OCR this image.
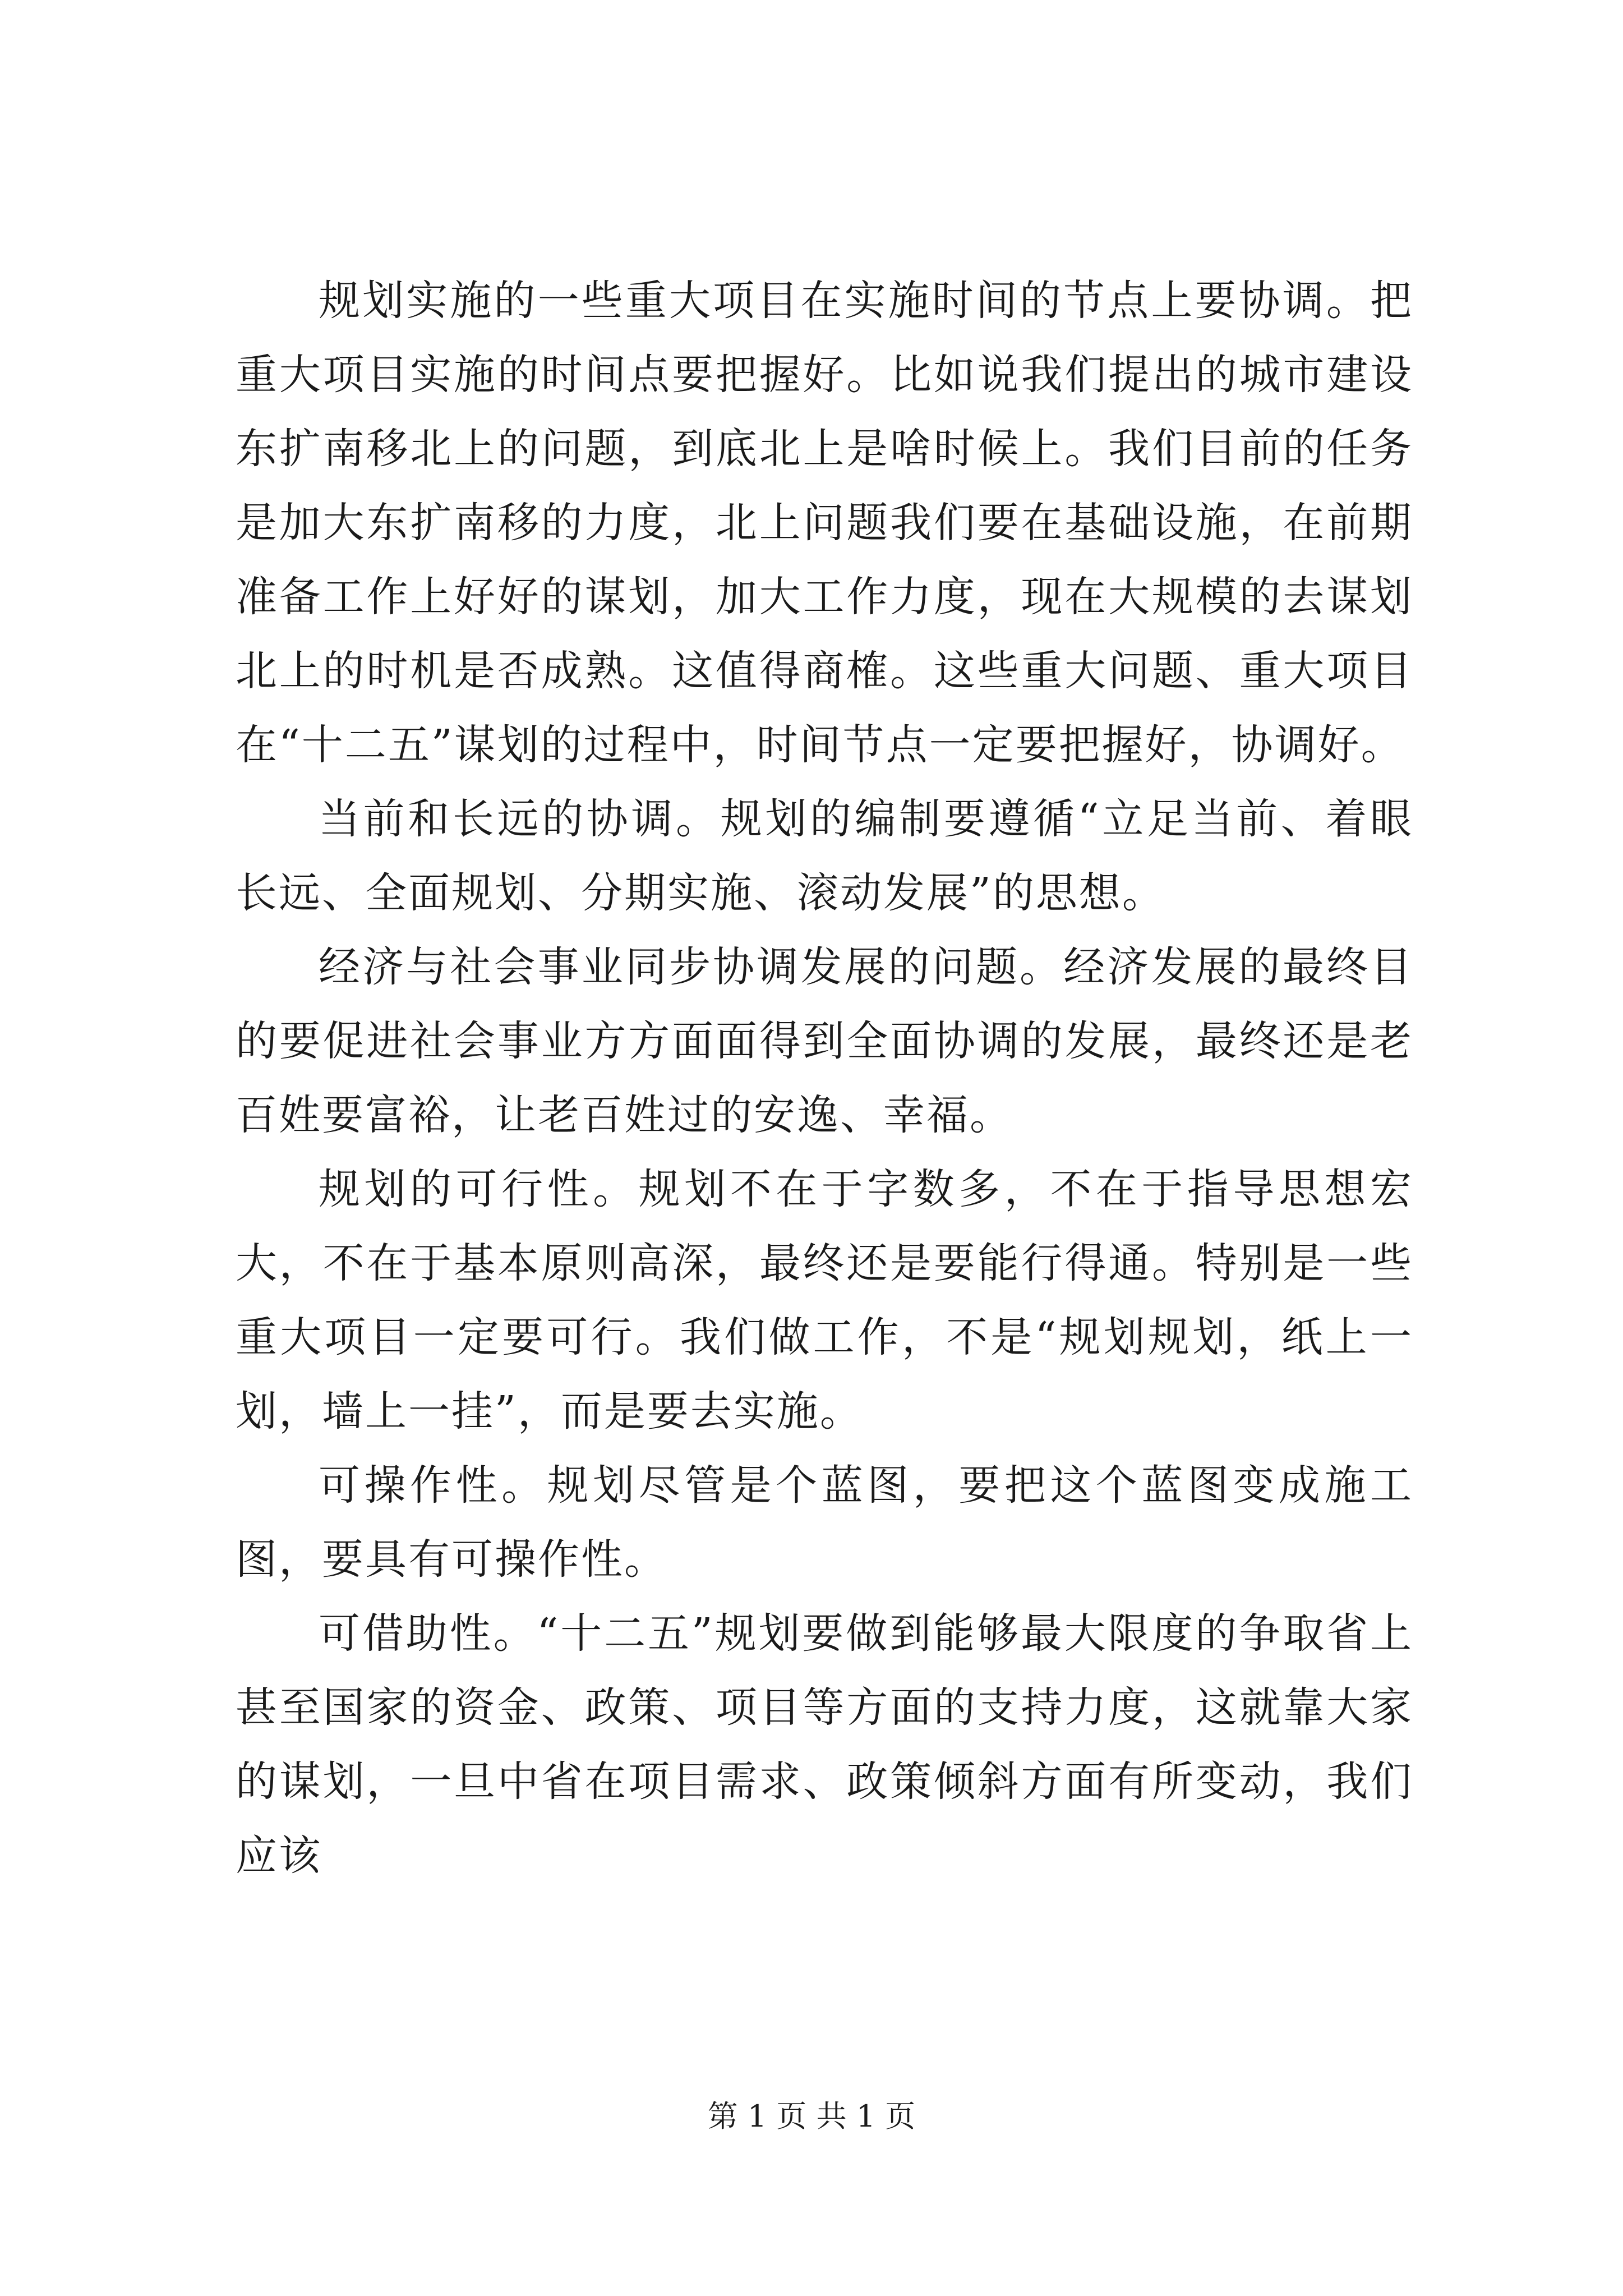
规划实施的一些重大项目在实施时间的节点上要协调。把重大项目实施的时间点要把握好。比如说我们提出的城市建设东扩南移北上的问题，到底北上是啥时候上。我们目前的任务是加大东扩南移的力度，北上问题我们要在基础设施，在前期准备工作上好好的谋划，加大工作力度，现在大规模的去谋划北上的时机是否成熟。这值得商榷。这些重大问题、重大项目在“十二五”谋划的过程中，时间节点一定要把握好，协调好。

当前和长远的协调。规划的编制要遵循“立足当前、着眼长远、全面规划、分期实施、滚动发展”的思想。

经济与社会事业同步协调发展的问题。经济发展的最终目的要促进社会事业方方面面得到全面协调的发展，最终还是老百姓要富裕，让老百姓过的安逸、幸福。

规划的可行性。规划不在于字数多，不在于指导思想宏大，不在于基本原则高深，最终还是要能行得通。特别是一些重大项目一定要可行。我们做工作，不是“规划规划，纸上一划，墙上一挂”，而是要去实施。

可操作性。规划尽管是个蓝图，要把这个蓝图变成施工图，要具有可操作性。

可借助性。“十二五”规划要做到能够最大限度的争取省上甚至国家的资金、政策、项目等方面的支持力度，这就靠大家的谋划，一旦中省在项目需求、政策倾斜方面有所变动，我们应该

第 1 页 共 1 页
